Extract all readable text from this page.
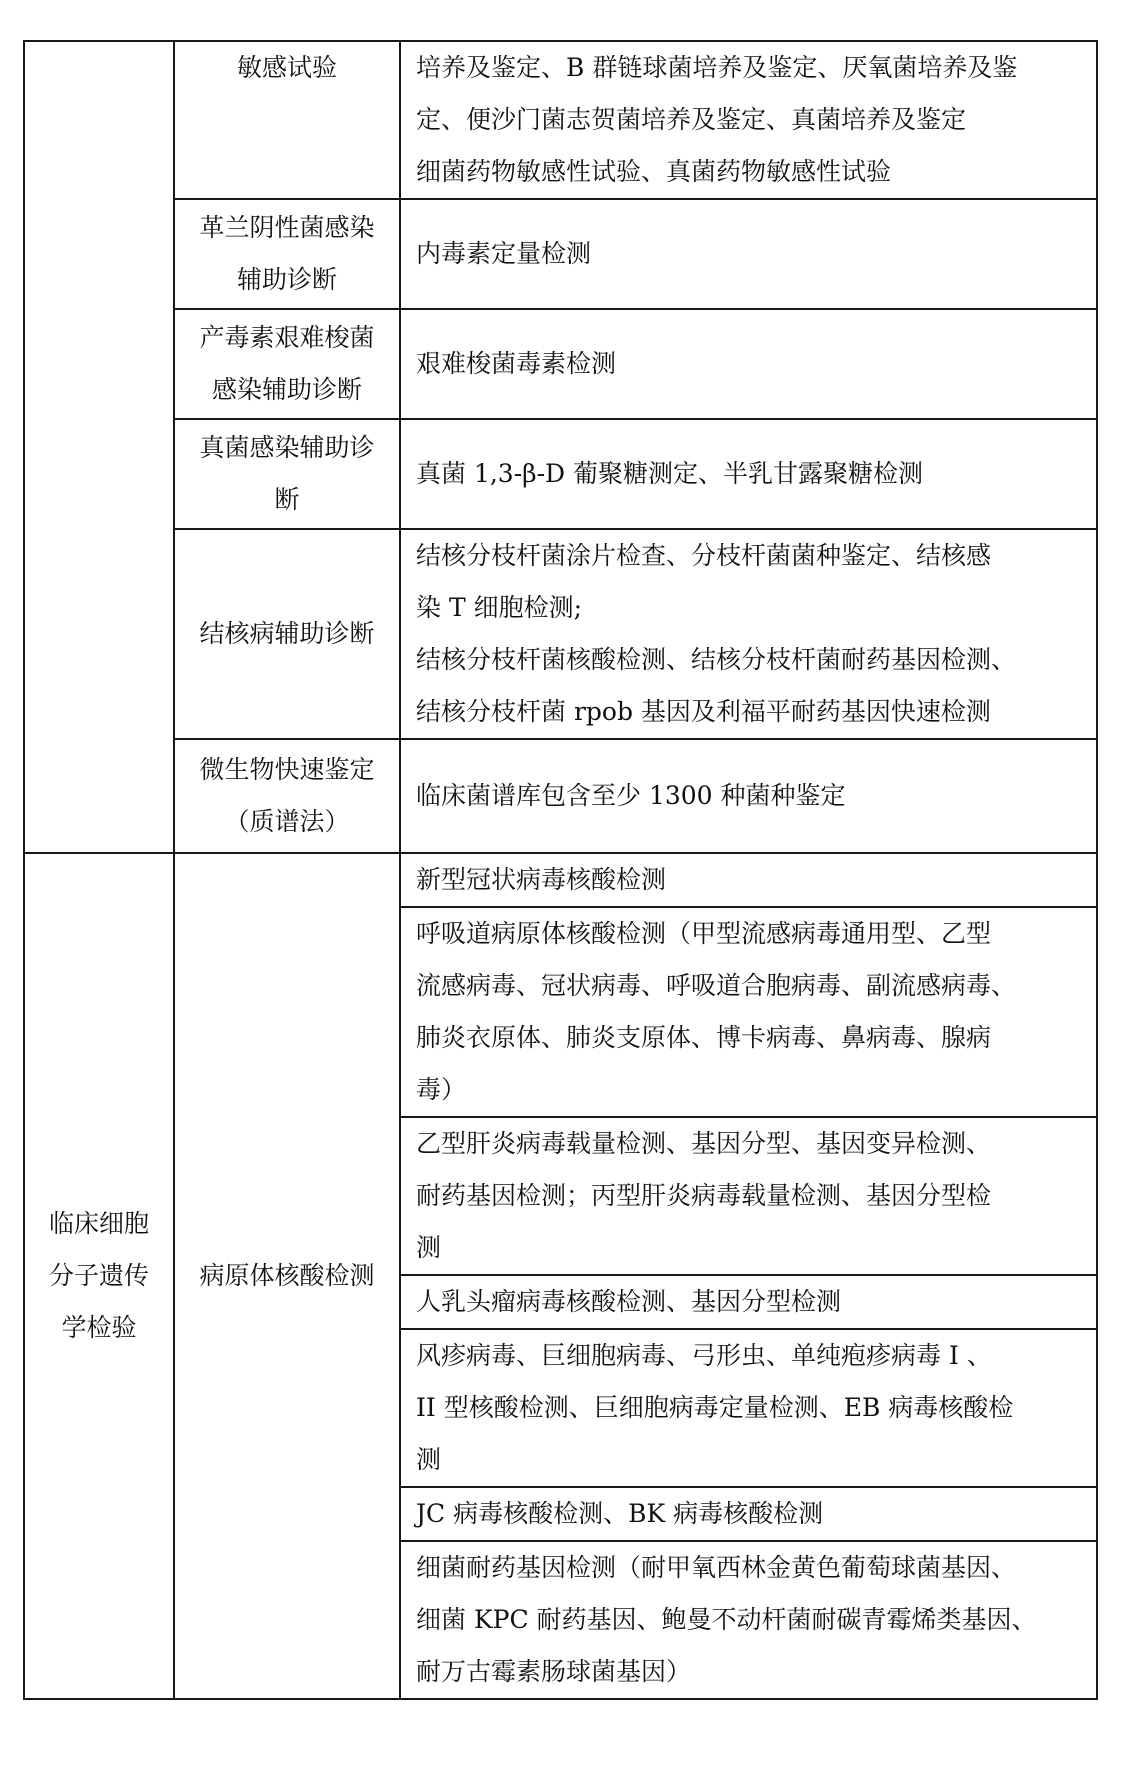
	敏感试验	培养及鉴定、B 群链球菌培养及鉴定、厌氧菌培养及鉴
定、便沙门菌志贺菌培养及鉴定、真菌培养及鉴定
细菌药物敏感性试验、真菌药物敏感性试验

	革兰阴性菌感染
辅助诊断	内毒素定量检测

	产毒素艰难梭菌
感染辅助诊断	艰难梭菌毒素检测

	真菌感染辅助诊
断	真菌 1,3-β-D 葡聚糖测定、半乳甘露聚糖检测

	结核病辅助诊断	结核分枝杆菌涂片检查、分枝杆菌菌种鉴定、结核感
染 T 细胞检测;
结核分枝杆菌核酸检测、结核分枝杆菌耐药基因检测、
结核分枝杆菌 rpob 基因及利福平耐药基因快速检测

	微生物快速鉴定
（质谱法）	临床菌谱库包含至少 1300 种菌种鉴定

临床细胞
分子遗传
学检验	病原体核酸检测	新型冠状病毒核酸检测

		呼吸道病原体核酸检测（甲型流感病毒通用型、乙型
流感病毒、冠状病毒、呼吸道合胞病毒、副流感病毒、
肺炎衣原体、肺炎支原体、博卡病毒、鼻病毒、腺病
毒）

		乙型肝炎病毒载量检测、基因分型、基因变异检测、
耐药基因检测；丙型肝炎病毒载量检测、基因分型检
测

		人乳头瘤病毒核酸检测、基因分型检测

		风疹病毒、巨细胞病毒、弓形虫、单纯疱疹病毒 I 、
II 型核酸检测、巨细胞病毒定量检测、EB 病毒核酸检
测

		JC 病毒核酸检测、BK 病毒核酸检测

		细菌耐药基因检测（耐甲氧西林金黄色葡萄球菌基因、
细菌 KPC 耐药基因、鲍曼不动杆菌耐碳青霉烯类基因、
耐万古霉素肠球菌基因）
